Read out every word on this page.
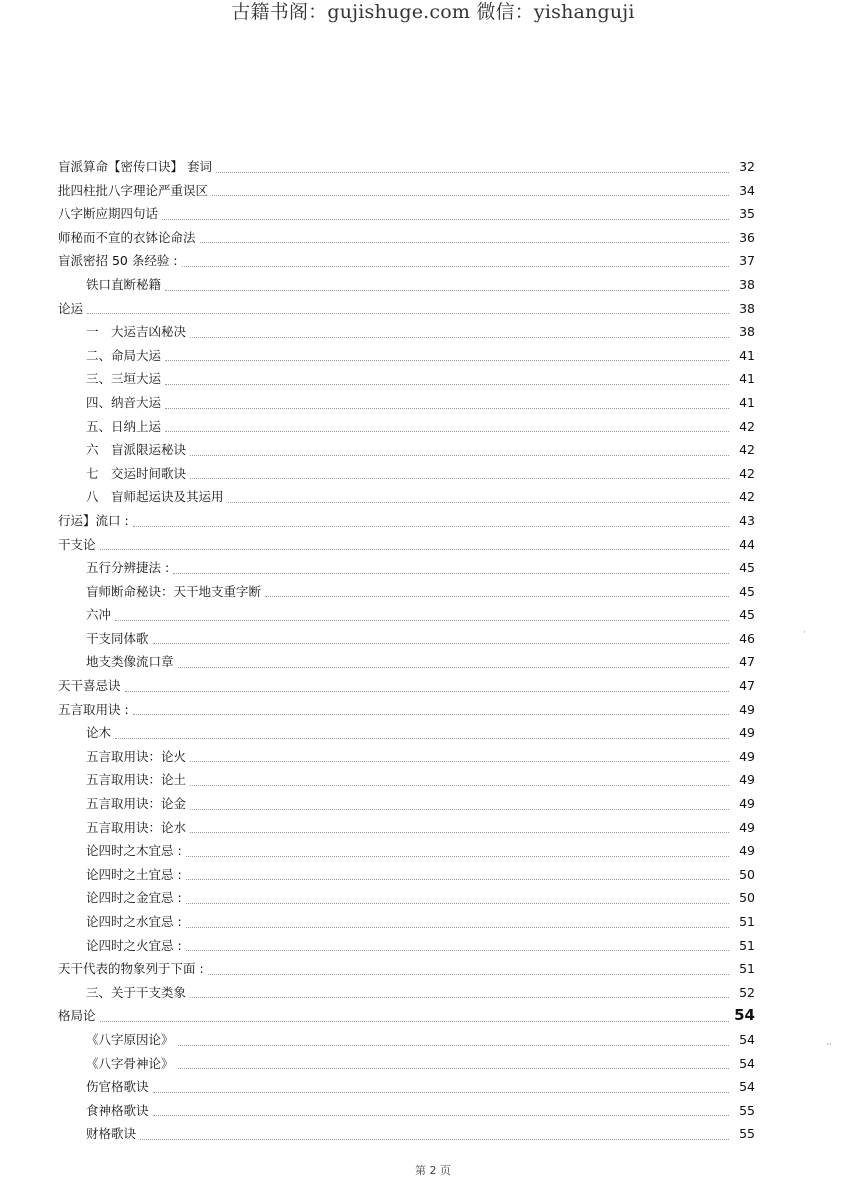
古籍书阁：gujishuge.com 微信：yishanguji
盲派算命【密传口诀】 套词	32
批四柱批八字理论严重误区	34
八字断应期四句话	35
师秘而不宣的衣钵论命法	36
盲派密招 50 条经验 :	37
铁口直断秘籍	38
论运	38
一　大运吉凶秘决	38
二、命局大运	41
三、三垣大运	41
四、纳音大运	41
五、日纳上运	42
六　盲派限运秘诀	42
七　交运时间歌诀	42
八　盲师起运诀及其运用	42
行运】流口 :	43
干支论	44
五行分辨捷法 :	45
盲师断命秘诀：天干地支重字断	45
六冲	45
干支同体歌	46
地支类像流口章	47
天干喜忌诀	47
五言取用诀 :	49
论木	49
五言取用诀：论火	49
五言取用诀：论土	49
五言取用诀：论金	49
五言取用诀：论水	49
论四时之木宜忌 :	49
论四时之土宜忌 :	50
论四时之金宜忌 :	50
论四时之水宜忌 :	51
论四时之火宜忌 :	51
天干代表的物象列于下面 :	51
三、关于干支类象	52
格局论	54
《八字原因论》	54
《八字骨神论》	54
伤官格歌诀	54
食神格歌诀	55
财格歌诀	55
第 2 页
·
··
